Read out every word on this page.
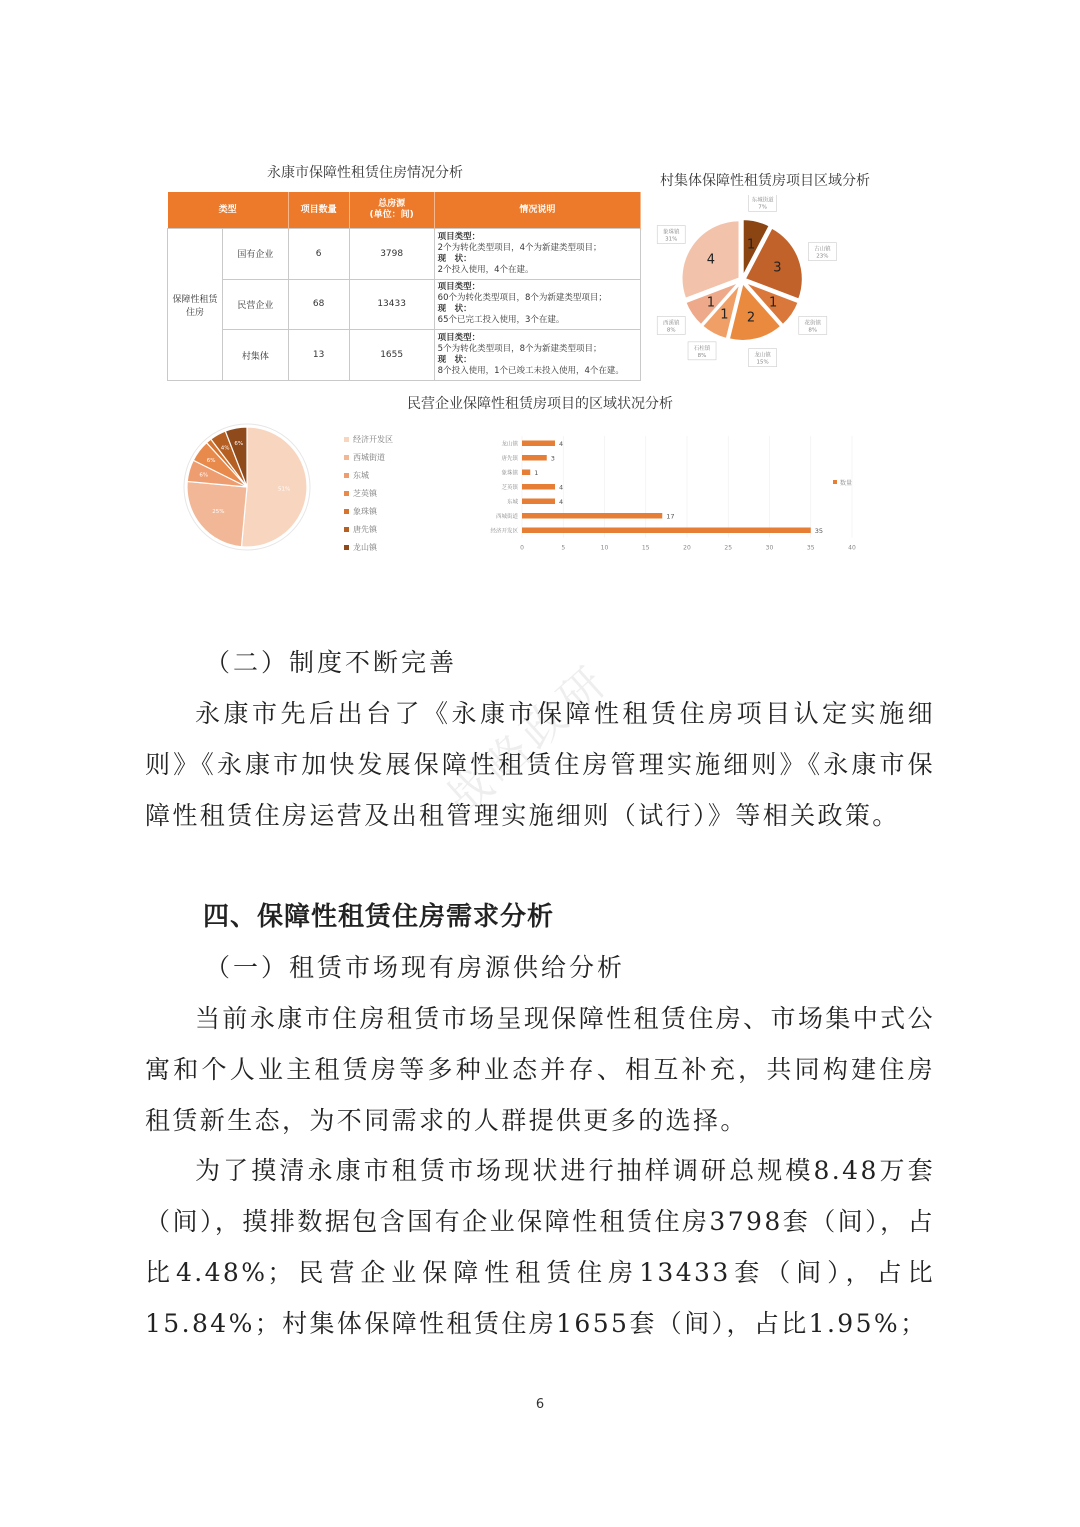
永康市保障性租赁住房情况分析
类型		项目数量	总房源
(单位：间)	情况说明
保障性租赁住房	国有企业	6	3798	项目类型：
2个为转化类型项目，4个为新建类型项目；
现　状：
2个投入使用，4个在建。

	民营企业	68	13433	项目类型：
60个为转化类型项目，8个为新建类型项目；
现　状：
65个已完工投入使用，3个在建。

	村集体	13	1655	项目类型：
5个为转化类型项目，8个为新建类型项目；
现　状：
8个投入使用，1个已竣工未投入使用，4个在建。
村集体保障性租赁房项目区域分析
1
东城街道
7%
3
古山镇
23%
1
花街镇
8%
2
龙山镇
15%
1
石柱镇
8%
1
西溪镇
8%
4
象珠镇
31%
民营企业保障性租赁房项目的区域状况分析
51%
25%
6%
6%
4%
6%
经济开发区
西城街道
东城
芝英镇
象珠镇
唐先镇
龙山镇	0	5	10	15	20	25	30	35	40
龙山镇	4
唐先镇	3
象珠镇	1
芝英镇	4
东城	4
西城街道	17
经济开发区	35
数量
战略政研
（二）制度不断完善

永康市先后出台了《永康市保障性租赁住房项目认定实施细则》《永康市加快发展保障性租赁住房管理实施细则》《永康市保障性租赁住房运营及出租管理实施细则（试行）》等相关政策。

四、保障性租赁住房需求分析
（一）租赁市场现有房源供给分析

当前永康市住房租赁市场呈现保障性租赁住房、市场集中式公寓和个人业主租赁房等多种业态并存、相互补充，共同构建住房租赁新生态，为不同需求的人群提供更多的选择。

为了摸清永康市租赁市场现状进行抽样调研总规模8.48万套（间），摸排数据包含国有企业保障性租赁住房3798套（间），占比4.48%；民营企业保障性租赁住房13433套（间），占比15.84%；村集体保障性租赁住房1655套（间），占比1.95%；

6
